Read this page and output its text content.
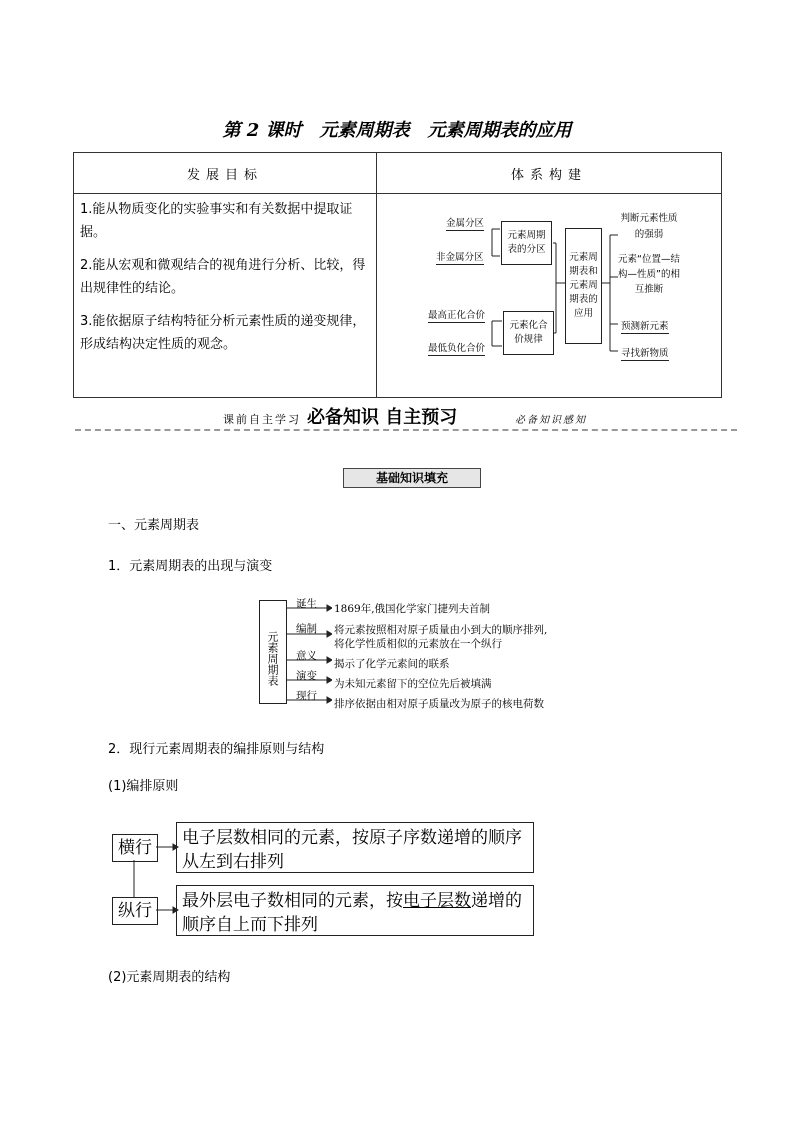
第 2 课时　元素周期表　元素周期表的应用
发展目标	体系构建

1.能从物质变化的实验事实和有关数据中提取证据。

2.能从宏观和微观结合的视角进行分析、比较，得出规律性的结论。

3.能依据原子结构特征分析元素性质的递变规律，形成结构决定性质的观念。	

金属分区
非金属分区
元素周期表的分区
最高正化合价
最低负化合价
元素化合价规律
元素周期表和元素周期表的应用
判断元素性质的强弱
元素“位置—结构—性质”的相互推断
预测新元素
寻找新物质
课前自主学习 必备知识 自主预习	必备知识感知
基础知识填充
一、元素周期表
1．元素周期表的出现与演变
元素周期表
诞生
编制
意义
演变
现行
1869年,俄国化学家门捷列夫首制
将元素按照相对原子质量由小到大的顺序排列,
将化学性质相似的元素放在一个纵行
揭示了化学元素间的联系
为未知元素留下的空位先后被填满
排序依据由相对原子质量改为原子的核电荷数
2．现行元素周期表的编排原则与结构
(1)编排原则
横行
纵行
电子层数相同的元素，按原子序数递增的顺序从左到右排列
最外层电子数相同的元素，按电子层数递增的顺序自上而下排列
(2)元素周期表的结构
